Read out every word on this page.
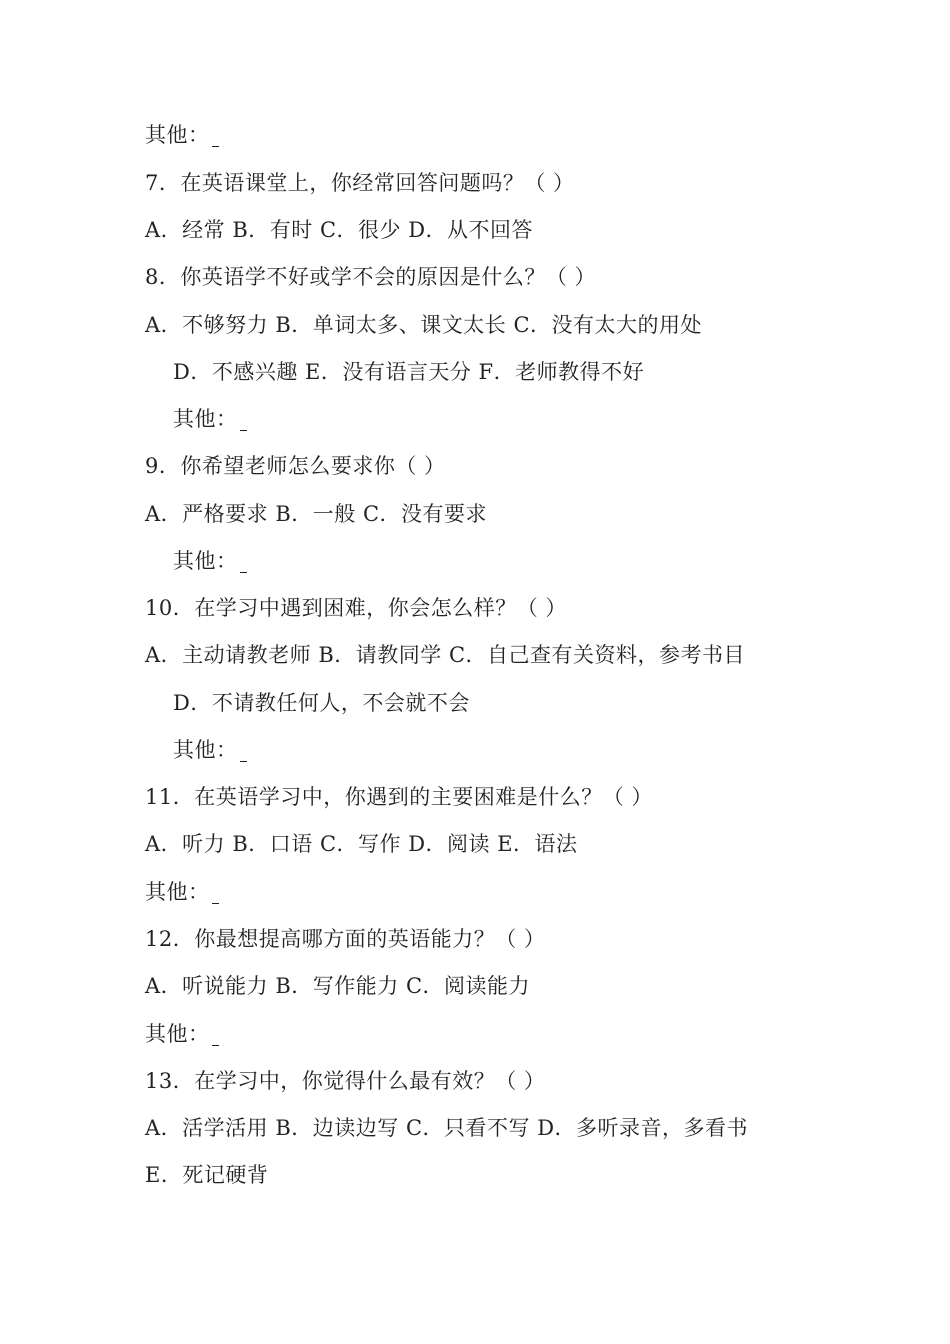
其他：
7．在英语课堂上，你经常回答问题吗？（ ）
A．经常 B．有时 C．很少 D．从不回答
8．你英语学不好或学不会的原因是什么？（ ）
A．不够努力 B．单词太多、课文太长 C．没有太大的用处
D．不感兴趣 E．没有语言天分 F．老师教得不好
其他：
9．你希望老师怎么要求你（ ）
A．严格要求 B．一般 C．没有要求
其他：
10．在学习中遇到困难，你会怎么样？（ ）
A．主动请教老师 B．请教同学 C．自己查有关资料，参考书目
D．不请教任何人，不会就不会
其他：
11．在英语学习中，你遇到的主要困难是什么？（ ）
A．听力 B．口语 C．写作 D．阅读 E．语法
其他：
12．你最想提高哪方面的英语能力？（ ）
A．听说能力 B．写作能力 C．阅读能力
其他：
13．在学习中，你觉得什么最有效？（ ）
A．活学活用 B．边读边写 C．只看不写 D．多听录音，多看书
E．死记硬背
